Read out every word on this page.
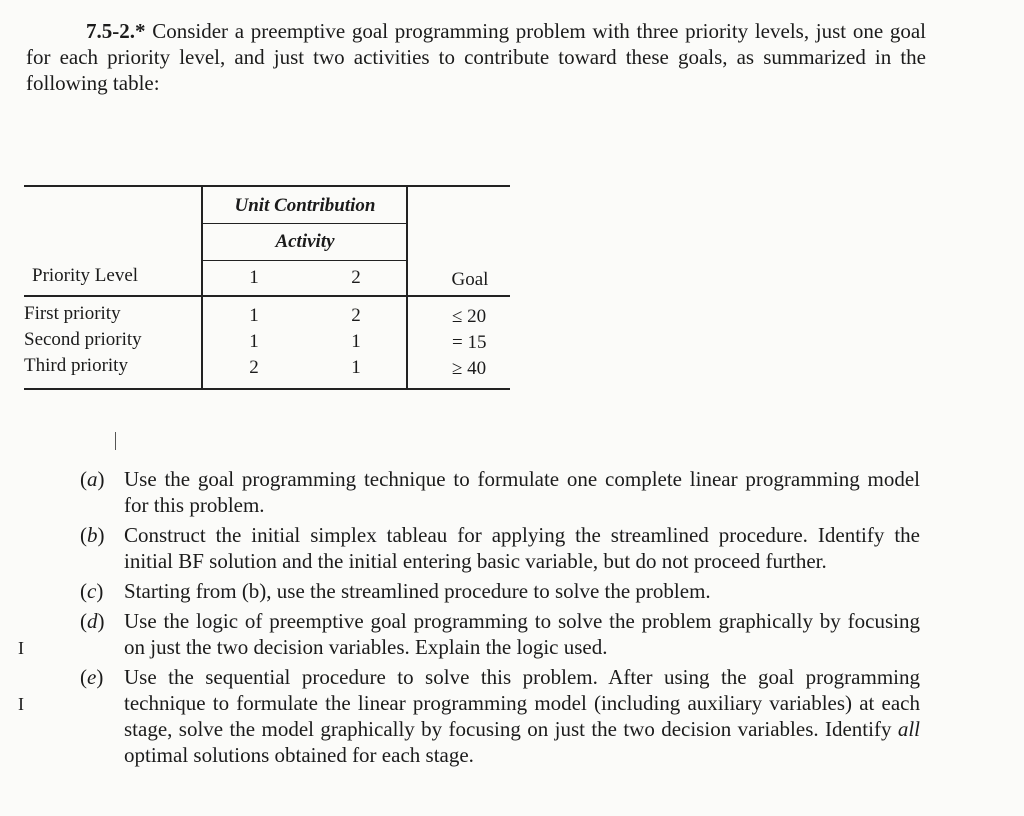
7.5-2.* Consider a preemptive goal programming problem with three priority levels, just one goal for each priority level, and just two activities to contribute toward these goals, as summarized in the following table:
Unit Contribution
Activity
Priority Level	1	2	Goal
First priority	1	2	≤ 20
Second priority	1	1	= 15
Third priority	2	1	≥ 40
I
I
(a) Use the goal programming technique to formulate one complete linear programming model for this problem.
(b) Construct the initial simplex tableau for applying the streamlined procedure. Identify the initial BF solution and the initial entering basic variable, but do not proceed further.
(c) Starting from (b), use the streamlined procedure to solve the problem.
(d) Use the logic of preemptive goal programming to solve the problem graphically by focusing on just the two decision variables. Explain the logic used.
(e) Use the sequential procedure to solve this problem. After using the goal programming technique to formulate the linear programming model (including auxiliary variables) at each stage, solve the model graphically by focusing on just the two decision variables. Identify all optimal solutions obtained for each stage.
